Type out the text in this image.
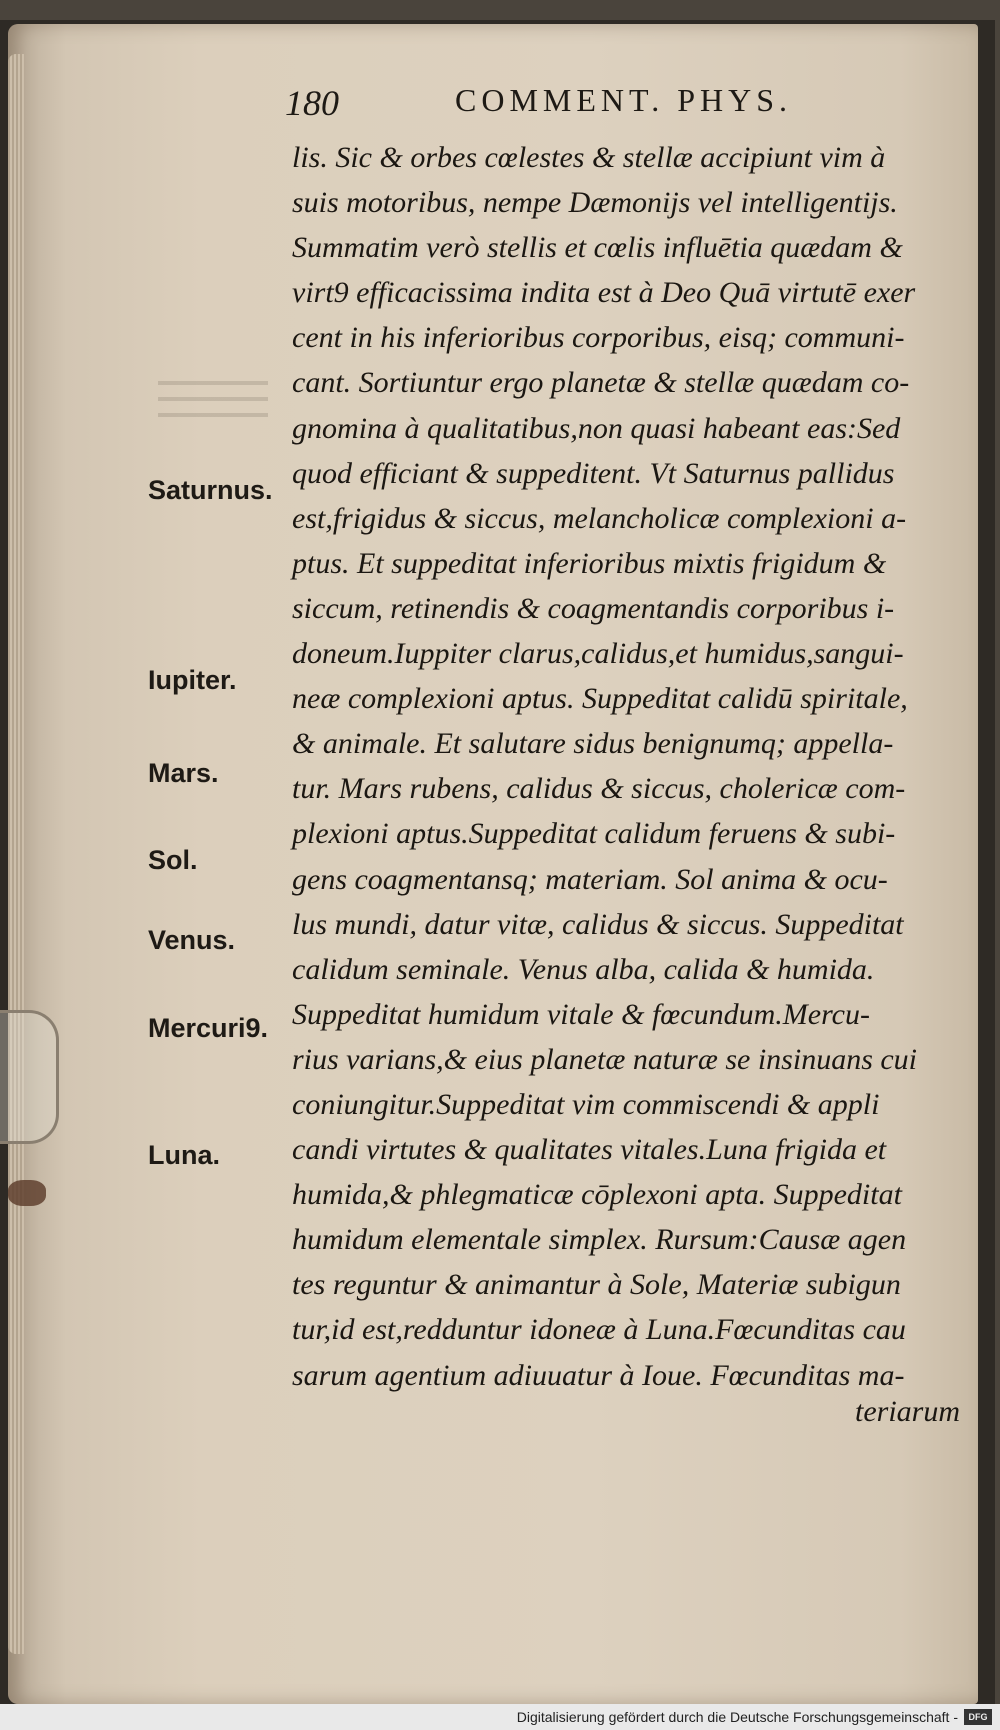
180	COMMENT. PHYS.
lis. Sic & orbes cœlestes & stellæ accipiunt vim à
suis motoribus, nempe Dæmonijs vel intelligentijs.
Summatim verò stellis et cœlis influētia quædam &
virt9 efficacissima indita est à Deo Quā virtutē exer
cent in his inferioribus corporibus, eisq; communi-
cant. Sortiuntur ergo planetæ & stellæ quædam co-
gnomina à qualitatibus,non quasi habeant eas:Sed
quod efficiant & suppeditent. Vt Saturnus pallidus
est,frigidus & siccus, melancholicæ complexioni a-
ptus. Et suppeditat inferioribus mixtis frigidum &
siccum, retinendis & coagmentandis corporibus i-
doneum.Iuppiter clarus,calidus,et humidus,sangui-
neæ complexioni aptus. Suppeditat calidū spiritale,
& animale. Et salutare sidus benignumq; appella-
tur. Mars rubens, calidus & siccus, cholericæ com-
plexioni aptus.Suppeditat calidum feruens & subi-
gens coagmentansq; materiam. Sol anima & ocu-
lus mundi, datur vitæ, calidus & siccus. Suppeditat
calidum seminale. Venus alba, calida & humida.
Suppeditat humidum vitale & fœcundum.Mercu-
rius varians,& eius planetæ naturæ se insinuans cui
coniungitur.Suppeditat vim commiscendi & appli
candi virtutes & qualitates vitales.Luna frigida et
humida,& phlegmaticæ cōplexoni apta. Suppeditat
humidum elementale simplex. Rursum:Causæ agen
tes reguntur & animantur à Sole, Materiæ subigun
tur,id est,redduntur idoneæ à Luna.Fœcunditas cau
sarum agentium adiuuatur à Ioue. Fœcunditas ma-
teriarum
Saturnus.
Iupiter.
Mars.
Sol.
Venus.
Mercuri9.
Luna.
Digitalisierung gefördert durch die Deutsche Forschungsgemeinschaft -	DFG
